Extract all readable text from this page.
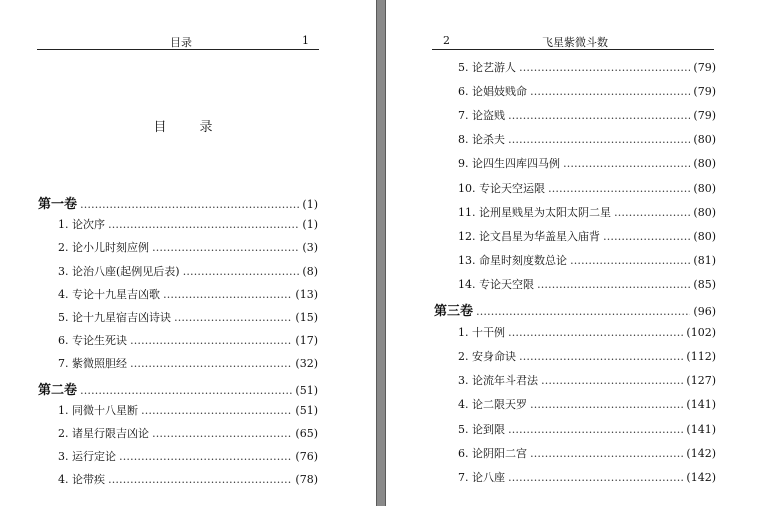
目录	1
目　录
第一卷 ……………………………………………………………………………………………………………………………………………………………………………………	(1)
1. 论次序 ……………………………………………………………………………………………………………………………………………………………………………………	(1)
2. 论小儿时刻应例 ……………………………………………………………………………………………………………………………………………………………………………………	(3)
3. 论治八座(起例见后表) ……………………………………………………………………………………………………………………………………………………………………………………	(8)
4. 专论十九星吉凶歌 ……………………………………………………………………………………………………………………………………………………………………………………	(13)
5. 论十九星宿吉凶诗诀 ……………………………………………………………………………………………………………………………………………………………………………………	(15)
6. 专论生死诀 ……………………………………………………………………………………………………………………………………………………………………………………	(17)
7. 紫微照胆经 ……………………………………………………………………………………………………………………………………………………………………………………	(32)
第二卷 ……………………………………………………………………………………………………………………………………………………………………………………	(51)
1. 同微十八星断 ……………………………………………………………………………………………………………………………………………………………………………………	(51)
2. 诸星行限吉凶论 ……………………………………………………………………………………………………………………………………………………………………………………	(65)
3. 运行定论 ……………………………………………………………………………………………………………………………………………………………………………………	(76)
4. 论带疾 ……………………………………………………………………………………………………………………………………………………………………………………	(78)
2	飞星紫微斗数
5. 论艺游人 ……………………………………………………………………………………………………………………………………………………………………………………	(79)
6. 论娼妓贱命 ……………………………………………………………………………………………………………………………………………………………………………………	(79)
7. 论盗贱 ……………………………………………………………………………………………………………………………………………………………………………………	(79)
8. 论杀夫 ……………………………………………………………………………………………………………………………………………………………………………………	(80)
9. 论四生四库四马例 ……………………………………………………………………………………………………………………………………………………………………………………	(80)
10. 专论天空运限 ……………………………………………………………………………………………………………………………………………………………………………………	(80)
11. 论刑星贱星为太阳太阴二星 ……………………………………………………………………………………………………………………………………………………………………………………	(80)
12. 论文昌星为华盖星入庙背 ……………………………………………………………………………………………………………………………………………………………………………………	(80)
13. 命星时刻度数总论 ……………………………………………………………………………………………………………………………………………………………………………………	(81)
14. 专论天空限 ……………………………………………………………………………………………………………………………………………………………………………………	(85)
第三卷 ……………………………………………………………………………………………………………………………………………………………………………………	(96)
1. 十干例 ……………………………………………………………………………………………………………………………………………………………………………………	(102)
2. 安身命诀 ……………………………………………………………………………………………………………………………………………………………………………………	(112)
3. 论流年斗君法 ……………………………………………………………………………………………………………………………………………………………………………………	(127)
4. 论二限天罗 ……………………………………………………………………………………………………………………………………………………………………………………	(141)
5. 论到限 ……………………………………………………………………………………………………………………………………………………………………………………	(141)
6. 论阴阳二宫 ……………………………………………………………………………………………………………………………………………………………………………………	(142)
7. 论八座 ……………………………………………………………………………………………………………………………………………………………………………………	(142)
